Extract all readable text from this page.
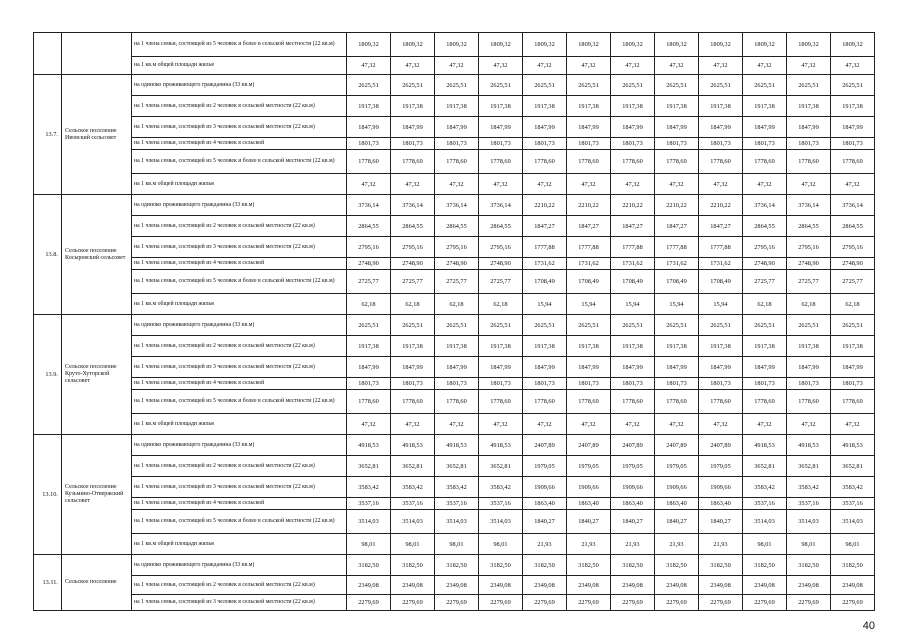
		на 1 члена семьи, состоящей из 5 человек и более в сельской местности (22 кв.м)	1809,32	1809,32	1809,32	1809,32	1809,32	1809,32	1809,32	1809,32	1809,32	1809,32	1809,32	1809,32
		на 1 кв.м общей площади жилья	47,32	47,32	47,32	47,32	47,32	47,32	47,32	47,32	47,32	47,32	47,32	47,32
13.7.	Сельское поселение Ивовский сельсовет	на одиноко проживающего гражданина (33 кв.м)	2625,51	2625,51	2625,51	2625,51	2625,51	2625,51	2625,51	2625,51	2625,51	2625,51	2625,51	2625,51
		на 1 члена семьи, состоящей из 2 человек в сельской местности (22 кв.м)	1917,38	1917,38	1917,38	1917,38	1917,38	1917,38	1917,38	1917,38	1917,38	1917,38	1917,38	1917,38
		на 1 члена семьи, состоящей из 3 человек в сельской местности (22 кв.м)	1847,99	1847,99	1847,99	1847,99	1847,99	1847,99	1847,99	1847,99	1847,99	1847,99	1847,99	1847,99
		на 1 члена семьи, состоящей из 4 человек в сельской	1801,73	1801,73	1801,73	1801,73	1801,73	1801,73	1801,73	1801,73	1801,73	1801,73	1801,73	1801,73
		на 1 члена семьи, состоящей из 5 человек и более в сельской местности (22 кв.м)	1778,60	1778,60	1778,60	1778,60	1778,60	1778,60	1778,60	1778,60	1778,60	1778,60	1778,60	1778,60
		на 1 кв.м общей площади жилья	47,32	47,32	47,32	47,32	47,32	47,32	47,32	47,32	47,32	47,32	47,32	47,32
13.8.	Сельское поселение Косыревский сельсовет	на одиноко проживающего гражданина (33 кв.м)	3736,14	3736,14	3736,14	3736,14	2210,22	2210,22	2210,22	2210,22	2210,22	3736,14	3736,14	3736,14
		на 1 члена семьи, состоящей из 2 человек в сельской местности (22 кв.м)	2864,55	2864,55	2864,55	2864,55	1847,27	1847,27	1847,27	1847,27	1847,27	2864,55	2864,55	2864,55
		на 1 члена семьи, состоящей из 3 человек в сельской местности (22 кв.м)	2795,16	2795,16	2795,16	2795,16	1777,88	1777,88	1777,88	1777,88	1777,88	2795,16	2795,16	2795,16
		на 1 члена семьи, состоящей из 4 человек в сельской	2748,90	2748,90	2748,90	2748,90	1731,62	1731,62	1731,62	1731,62	1731,62	2748,90	2748,90	2748,90
		на 1 члена семьи, состоящей из 5 человек и более в сельской местности (22 кв.м)	2725,77	2725,77	2725,77	2725,77	1708,49	1708,49	1708,49	1708,49	1708,49	2725,77	2725,77	2725,77
		на 1 кв.м общей площади жилья	62,18	62,18	62,18	62,18	15,94	15,94	15,94	15,94	15,94	62,18	62,18	62,18
13.9.	Сельское поселение Круто-Хуторской сельсовет	на одиноко проживающего гражданина (33 кв.м)	2625,51	2625,51	2625,51	2625,51	2625,51	2625,51	2625,51	2625,51	2625,51	2625,51	2625,51	2625,51
		на 1 члена семьи, состоящей из 2 человек в сельской местности (22 кв.м)	1917,38	1917,38	1917,38	1917,38	1917,38	1917,38	1917,38	1917,38	1917,38	1917,38	1917,38	1917,38
		на 1 члена семьи, состоящей из 3 человек в сельской местности (22 кв.м)	1847,99	1847,99	1847,99	1847,99	1847,99	1847,99	1847,99	1847,99	1847,99	1847,99	1847,99	1847,99
		на 1 члена семьи, состоящей из 4 человек в сельской	1801,73	1801,73	1801,73	1801,73	1801,73	1801,73	1801,73	1801,73	1801,73	1801,73	1801,73	1801,73
		на 1 члена семьи, состоящей из 5 человек и более в сельской местности (22 кв.м)	1778,60	1778,60	1778,60	1778,60	1778,60	1778,60	1778,60	1778,60	1778,60	1778,60	1778,60	1778,60
		на 1 кв.м общей площади жилья	47,32	47,32	47,32	47,32	47,32	47,32	47,32	47,32	47,32	47,32	47,32	47,32
13.10.	Сельское поселение Кузьмино-Отвержский сельсовет	на одиноко проживающего гражданина (33 кв.м)	4918,53	4918,53	4918,53	4918,53	2407,89	2407,89	2407,89	2407,89	2407,89	4918,53	4918,53	4918,53
		на 1 члена семьи, состоящей из 2 человек в сельской местности (22 кв.м)	3652,81	3652,81	3652,81	3652,81	1979,05	1979,05	1979,05	1979,05	1979,05	3652,81	3652,81	3652,81
		на 1 члена семьи, состоящей из 3 человек в сельской местности (22 кв.м)	3583,42	3583,42	3583,42	3583,42	1909,66	1909,66	1909,66	1909,66	1909,66	3583,42	3583,42	3583,42
		на 1 члена семьи, состоящей из 4 человек в сельской	3537,16	3537,16	3537,16	3537,16	1863,40	1863,40	1863,40	1863,40	1863,40	3537,16	3537,16	3537,16
		на 1 члена семьи, состоящей из 5 человек и более в сельской местности (22 кв.м)	3514,03	3514,03	3514,03	3514,03	1840,27	1840,27	1840,27	1840,27	1840,27	3514,03	3514,03	3514,03
		на 1 кв.м общей площади жилья	98,01	98,01	98,01	98,01	21,93	21,93	21,93	21,93	21,93	98,01	98,01	98,01
13.11.	Сельское поселение	на одиноко проживающего гражданина (33 кв.м)	3182,50	3182,50	3182,50	3182,50	3182,50	3182,50	3182,50	3182,50	3182,50	3182,50	3182,50	3182,50
		на 1 члена семьи, состоящей из 2 человек в сельской местности (22 кв.м)	2349,08	2349,08	2349,08	2349,08	2349,08	2349,08	2349,08	2349,08	2349,08	2349,08	2349,08	2349,08
		на 1 члена семьи, состоящей из 3 человек в сельской местности (22 кв.м)	2279,69	2279,69	2279,69	2279,69	2279,69	2279,69	2279,69	2279,69	2279,69	2279,69	2279,69	2279,69
40
